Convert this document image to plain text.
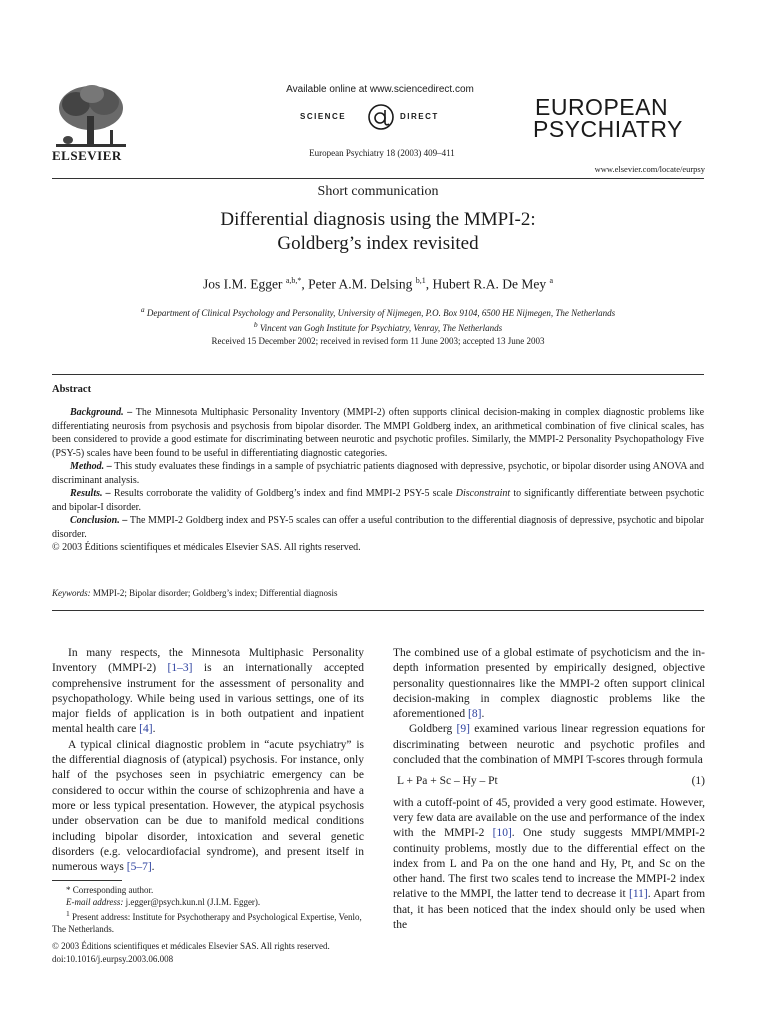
ELSEVIER
Available online at www.sciencedirect.com
SCIENCE	DIRECT
European Psychiatry 18 (2003) 409–411
EUROPEAN
PSYCHIATRY
www.elsevier.com/locate/eurpsy
Short communication
Differential diagnosis using the MMPI-2:
Goldberg’s index revisited
Jos I.M. Egger $^{a,b,*}$, Peter A.M. Delsing $^{b,1}$, Hubert R.A. De Mey $^a$
$^a$ Department of Clinical Psychology and Personality, University of Nijmegen, P.O. Box 9104, 6500 HE Nijmegen, The Netherlands
$^b$ Vincent van Gogh Institute for Psychiatry, Venray, The Netherlands
Received 15 December 2002; received in revised form 11 June 2003; accepted 13 June 2003
Abstract

Background. – The Minnesota Multiphasic Personality Inventory (MMPI-2) often supports clinical decision-making in complex diagnostic problems like differentiating neurosis from psychosis and psychosis from bipolar disorder. The MMPI Goldberg index, an arithmetical combination of five clinical scales, has been considered to provide a good estimate for discriminating between neurotic and psychotic profiles. Similarly, the MMPI-2 Personality Psychopathology Five (PSY-5) scales have been found to be useful in differentiating diagnostic categories.

Method. – This study evaluates these findings in a sample of psychiatric patients diagnosed with depressive, psychotic, or bipolar disorder using ANOVA and discriminant analysis.

Results. – Results corroborate the validity of Goldberg’s index and find MMPI-2 PSY-5 scale Disconstraint to significantly differentiate between psychotic and bipolar-I disorder.

Conclusion. – The MMPI-2 Goldberg index and PSY-5 scales can offer a useful contribution to the differential diagnosis of depressive, psychotic and bipolar disorder.

© 2003 Éditions scientifiques et médicales Elsevier SAS. All rights reserved.

Keywords: MMPI-2; Bipolar disorder; Goldberg’s index; Differential diagnosis

In many respects, the Minnesota Multiphasic Personality Inventory (MMPI-2) [1–3] is an internationally accepted comprehensive instrument for the assessment of personality and psychopathology. While being used in various settings, one of its major fields of application is in both outpatient and inpatient mental health care [4].

A typical clinical diagnostic problem in “acute psychiatry” is the differential diagnosis of (atypical) psychosis. For instance, only half of the psychoses seen in psychiatric emergency can be considered to occur within the course of schizophrenia and have a more or less typical presentation. However, the atypical psychosis under observation can be due to manifold medical conditions including bipolar disorder, intoxication and several genetic disorders (e.g. velocardiofacial syndrome), and present itself in numerous ways [5–7].

* Corresponding author.
E-mail address: j.egger@psych.kun.nl (J.I.M. Egger).
$^1$ Present address: Institute for Psychotherapy and Psychological Expertise, Venlo, The Netherlands.
© 2003 Éditions scientifiques et médicales Elsevier SAS. All rights reserved.
doi:10.1016/j.eurpsy.2003.06.008

The combined use of a global estimate of psychoticism and the in-depth information presented by empirically designed, objective personality questionnaires like the MMPI-2 often support clinical decision-making in complex diagnostic problems like the aforementioned [8].

Goldberg [9] examined various linear regression equations for discriminating between neurotic and psychotic profiles and concluded that the combination of MMPI T-scores through formula

L + Pa + Sc – Hy – Pt	(1)

with a cutoff-point of 45, provided a very good estimate. However, very few data are available on the use and performance of the index with the MMPI-2 [10]. One study suggests MMPI/MMPI-2 continuity problems, mostly due to the differential effect on the index from L and Pa on the one hand and Hy, Pt, and Sc on the other hand. The first two scales tend to increase the MMPI-2 index relative to the MMPI, the latter tend to decrease it [11]. Apart from that, it has been noticed that the index should only be used when the
